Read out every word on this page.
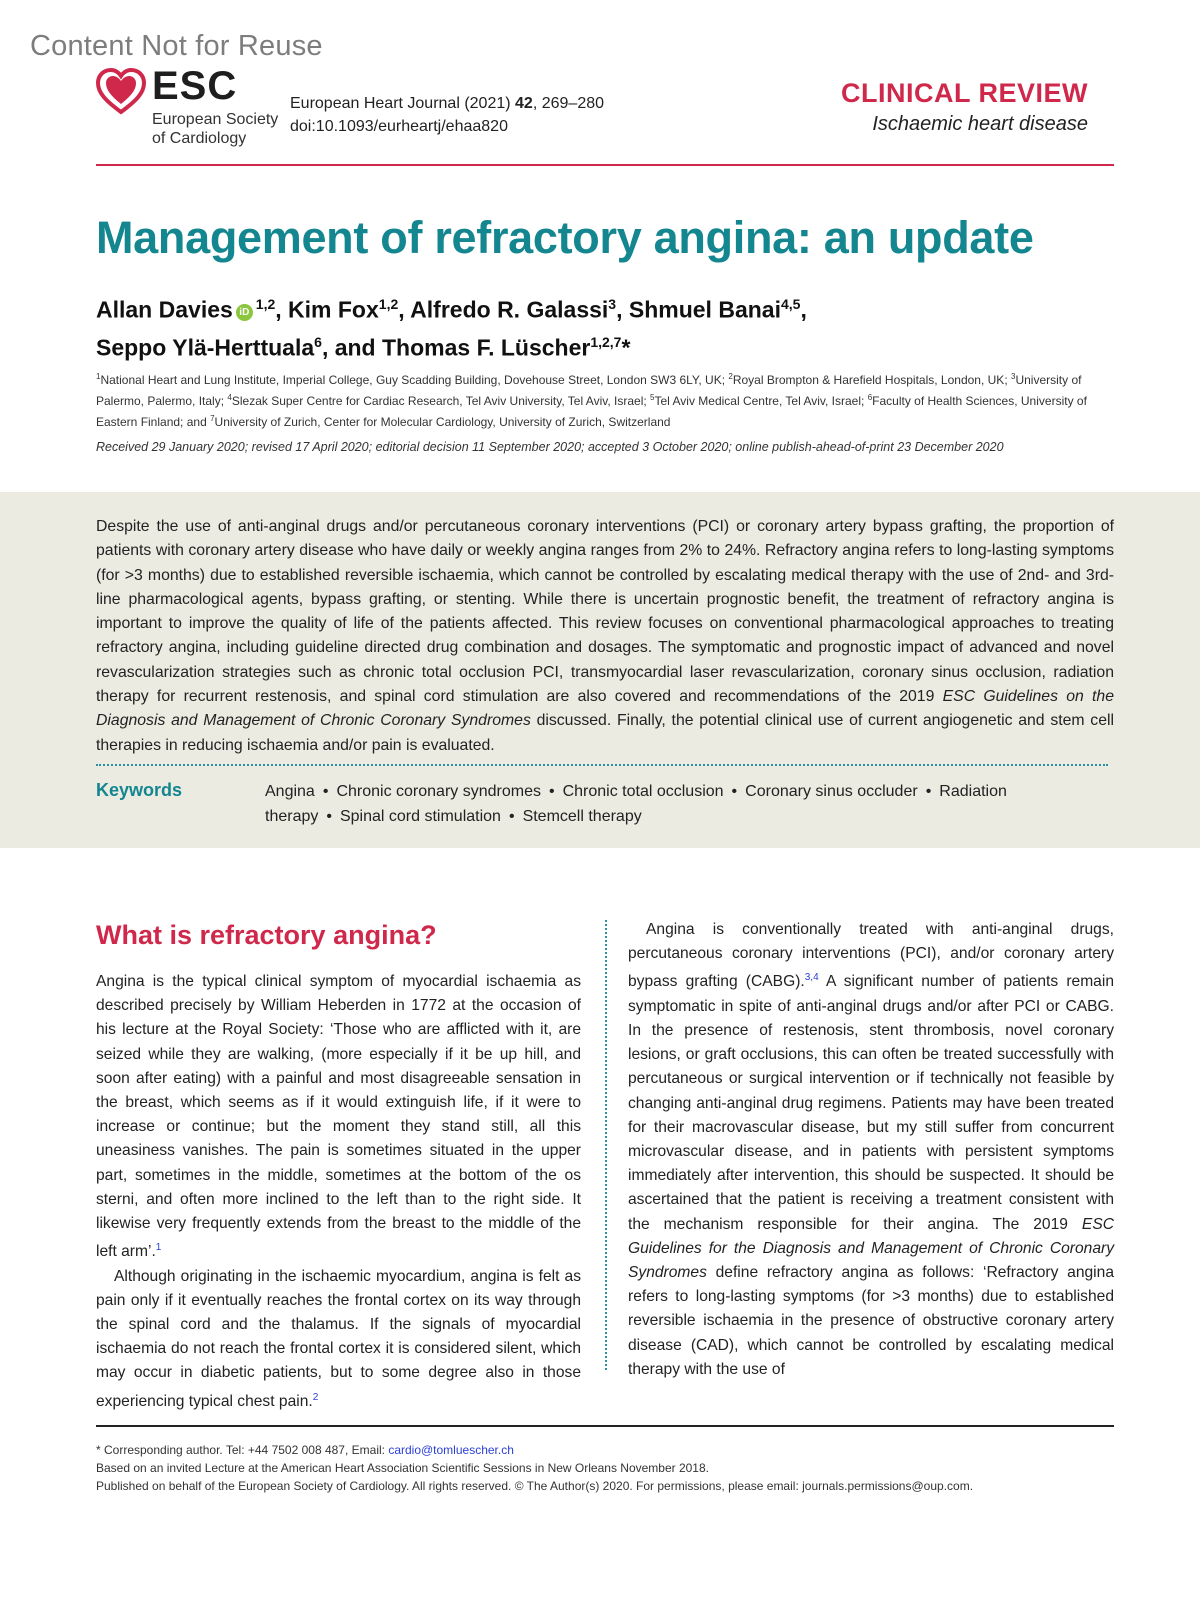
Content Not for Reuse
ESC
European Society
of Cardiology
European Heart Journal (2021) 42, 269–280
doi:10.1093/eurheartj/ehaa820
CLINICAL REVIEW
Ischaemic heart disease
Management of refractory angina: an update
Allan Davies iD$^{1,2}$, Kim Fox$^{1,2}$, Alfredo R. Galassi$^3$, Shmuel Banai$^{4,5}$,
Seppo Ylä-Herttuala$^6$, and Thomas F. Lüscher$^{1,2,7}$*
$^1$National Heart and Lung Institute, Imperial College, Guy Scadding Building, Dovehouse Street, London SW3 6LY, UK; $^2$Royal Brompton & Harefield Hospitals, London, UK; $^3$University of Palermo, Palermo, Italy; $^4$Slezak Super Centre for Cardiac Research, Tel Aviv University, Tel Aviv, Israel; $^5$Tel Aviv Medical Centre, Tel Aviv, Israel; $^6$Faculty of Health Sciences, University of Eastern Finland; and $^7$University of Zurich, Center for Molecular Cardiology, University of Zurich, Switzerland
Received 29 January 2020; revised 17 April 2020; editorial decision 11 September 2020; accepted 3 October 2020; online publish-ahead-of-print 23 December 2020
Despite the use of anti-anginal drugs and/or percutaneous coronary interventions (PCI) or coronary artery bypass grafting, the proportion of patients with coronary artery disease who have daily or weekly angina ranges from 2% to 24%. Refractory angina refers to long-lasting symptoms (for >3 months) due to established reversible ischaemia, which cannot be controlled by escalating medical therapy with the use of 2nd- and 3rd-line pharmacological agents, bypass grafting, or stenting. While there is uncertain prognostic benefit, the treatment of refractory angina is important to improve the quality of life of the patients affected. This review focuses on conventional pharmacological approaches to treating refractory angina, including guideline directed drug combination and dosages. The symptomatic and prognostic impact of advanced and novel revascularization strategies such as chronic total occlusion PCI, transmyocardial laser revascularization, coronary sinus occlusion, radiation therapy for recurrent restenosis, and spinal cord stimulation are also covered and recommendations of the 2019 ESC Guidelines on the Diagnosis and Management of Chronic Coronary Syndromes discussed. Finally, the potential clinical use of current angiogenetic and stem cell therapies in reducing ischaemia and/or pain is evaluated.
Keywords	Angina • Chronic coronary syndromes • Chronic total occlusion • Coronary sinus occluder • Radiation therapy • Spinal cord stimulation • Stemcell therapy
What is refractory angina?

Angina is the typical clinical symptom of myocardial ischaemia as described precisely by William Heberden in 1772 at the occasion of his lecture at the Royal Society: ‘Those who are afflicted with it, are seized while they are walking, (more especially if it be up hill, and soon after eating) with a painful and most disagreeable sensation in the breast, which seems as if it would extinguish life, if it were to increase or continue; but the moment they stand still, all this uneasiness vanishes. The pain is sometimes situated in the upper part, sometimes in the middle, sometimes at the bottom of the os sterni, and often more inclined to the left than to the right side. It likewise very frequently extends from the breast to the middle of the left arm’.$^1$

Although originating in the ischaemic myocardium, angina is felt as pain only if it eventually reaches the frontal cortex on its way through the spinal cord and the thalamus. If the signals of myocardial ischaemia do not reach the frontal cortex it is considered silent, which may occur in diabetic patients, but to some degree also in those experiencing typical chest pain.$^2$

Angina is conventionally treated with anti-anginal drugs, percutaneous coronary interventions (PCI), and/or coronary artery bypass grafting (CABG).$^{3,4}$ A significant number of patients remain symptomatic in spite of anti-anginal drugs and/or after PCI or CABG. In the presence of restenosis, stent thrombosis, novel coronary lesions, or graft occlusions, this can often be treated successfully with percutaneous or surgical intervention or if technically not feasible by changing anti-anginal drug regimens. Patients may have been treated for their macrovascular disease, but my still suffer from concurrent microvascular disease, and in patients with persistent symptoms immediately after intervention, this should be suspected. It should be ascertained that the patient is receiving a treatment consistent with the mechanism responsible for their angina. The 2019 ESC Guidelines for the Diagnosis and Management of Chronic Coronary Syndromes define refractory angina as follows: ‘Refractory angina refers to long-lasting symptoms (for >3 months) due to established reversible ischaemia in the presence of obstructive coronary artery disease (CAD), which cannot be controlled by escalating medical therapy with the use of

* Corresponding author. Tel: +44 7502 008 487, Email: cardio@tomluescher.ch
Based on an invited Lecture at the American Heart Association Scientific Sessions in New Orleans November 2018.
Published on behalf of the European Society of Cardiology. All rights reserved. © The Author(s) 2020. For permissions, please email: journals.permissions@oup.com.
